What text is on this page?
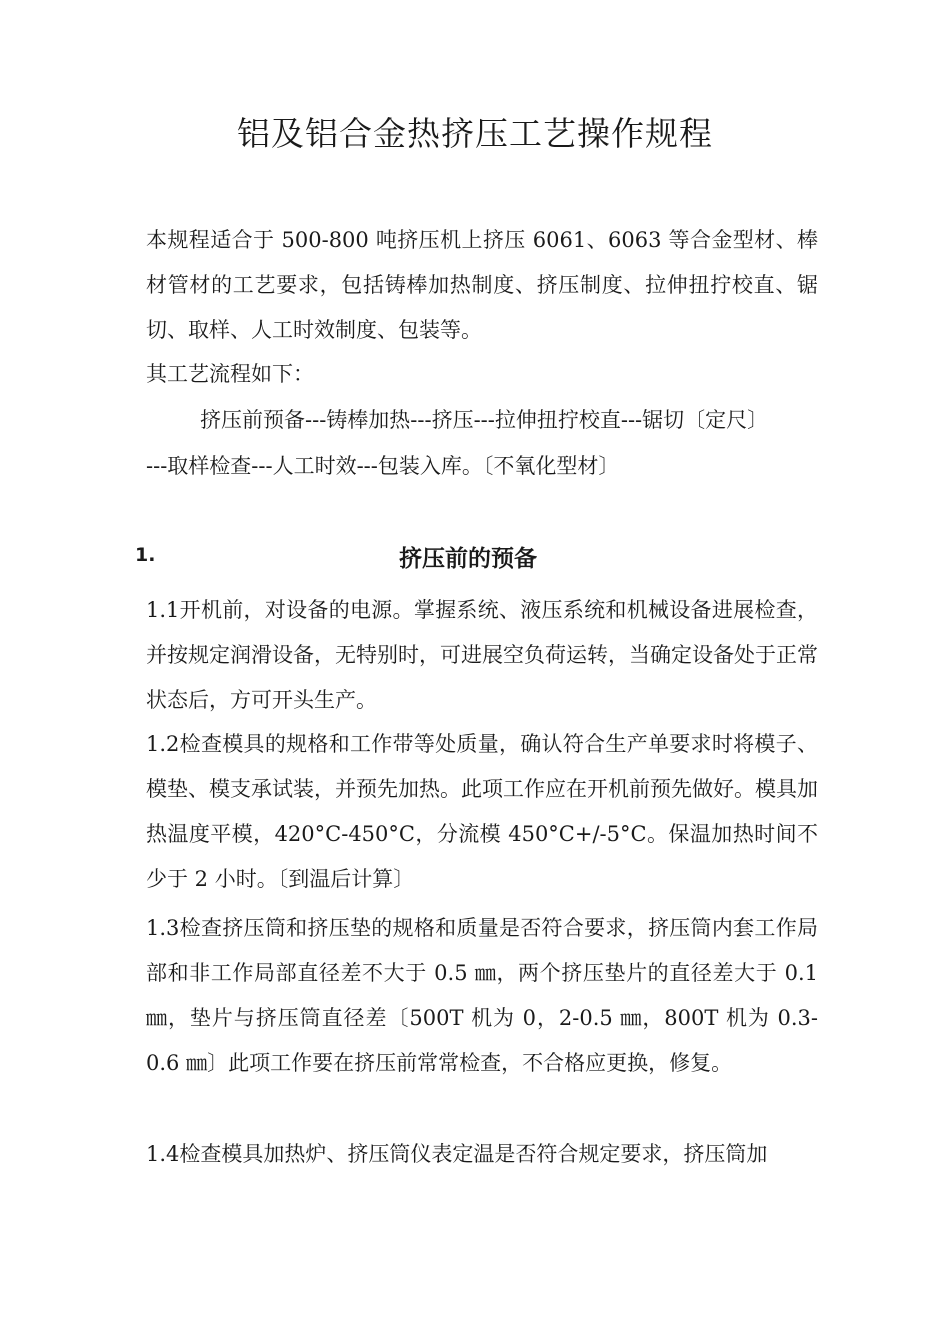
铝及铝合金热挤压工艺操作规程

本规程适合于 500-800 吨挤压机上挤压 6061、6063 等合金型材、棒材管材的工艺要求，包括铸棒加热制度、挤压制度、拉伸扭拧校直、锯切、取样、人工时效制度、包装等。

其工艺流程如下：

挤压前预备---铸棒加热---挤压---拉伸扭拧校直---锯切〔定尺〕

---取样检查---人工时效---包装入库。〔不氧化型材〕

1.	挤压前的预备

1.1开机前，对设备的电源。掌握系统、液压系统和机械设备进展检查，并按规定润滑设备，无特别时，可进展空负荷运转，当确定设备处于正常状态后，方可开头生产。

1.2检查模具的规格和工作带等处质量，确认符合生产单要求时将模子、模垫、模支承试装，并预先加热。此项工作应在开机前预先做好。模具加热温度平模，420°C-450°C，分流模 450°C+/-5°C。保温加热时间不少于 2 小时。〔到温后计算〕

1.3检查挤压筒和挤压垫的规格和质量是否符合要求，挤压筒内套工作局部和非工作局部直径差不大于 0.5 ㎜，两个挤压垫片的直径差大于 0.1 ㎜，垫片与挤压筒直径差〔500T 机为 0，2-0.5 ㎜，800T 机为 0.3-0.6 ㎜〕此项工作要在挤压前常常检查，不合格应更换，修复。

1.4检查模具加热炉、挤压筒仪表定温是否符合规定要求，挤压筒加
